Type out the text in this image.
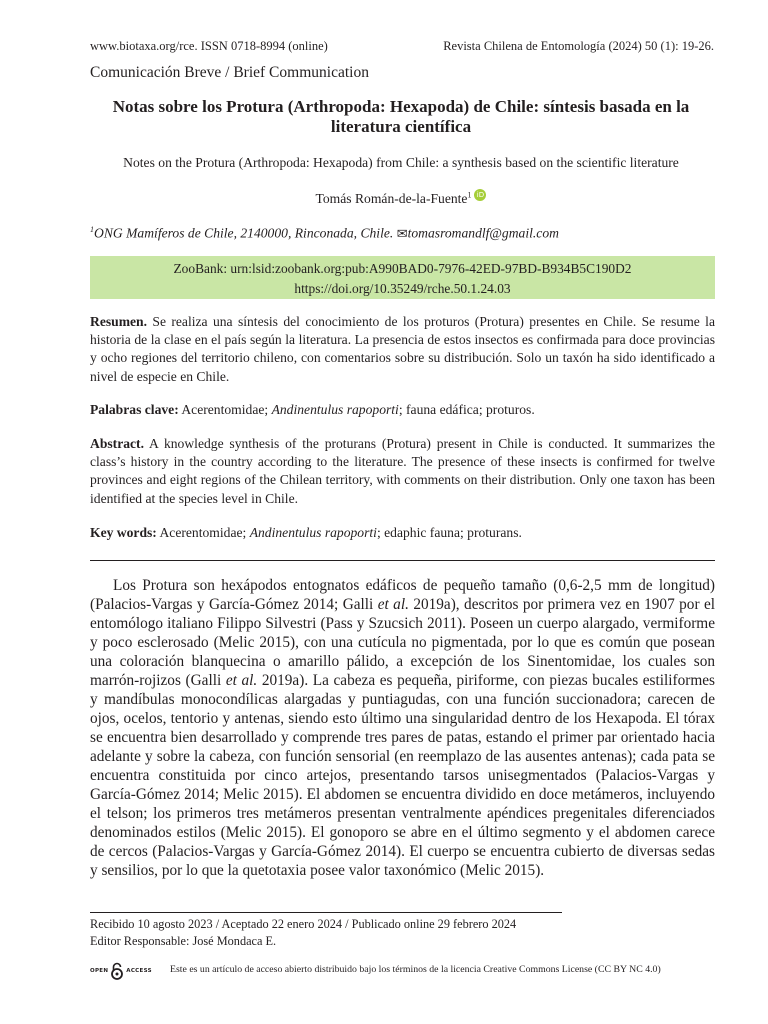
www.biotaxa.org/rce. ISSN 0718-8994 (online)	Revista Chilena de Entomología (2024) 50 (1): 19-26.
Comunicación Breve / Brief Communication
Notas sobre los Protura (Arthropoda: Hexapoda) de Chile: síntesis basada en la literatura científica
Notes on the Protura (Arthropoda: Hexapoda) from Chile: a synthesis based on the scientific literature
Tomás Román-de-la-Fuente$^1$ iD
$^1$ONG Mamíferos de Chile, 2140000, Rinconada, Chile. ✉tomasromandlf@gmail.com
ZooBank: urn:lsid:zoobank.org:pub:A990BAD0-7976-42ED-97BD-B934B5C190D2
https://doi.org/10.35249/rche.50.1.24.03
Resumen. Se realiza una síntesis del conocimiento de los proturos (Protura) presentes en Chile. Se resume la historia de la clase en el país según la literatura. La presencia de estos insectos es confirmada para doce provincias y ocho regiones del territorio chileno, con comentarios sobre su distribución. Solo un taxón ha sido identificado a nivel de especie en Chile.
Palabras clave: Acerentomidae; Andinentulus rapoporti; fauna edáfica; proturos.
Abstract. A knowledge synthesis of the proturans (Protura) present in Chile is conducted. It summarizes the class’s history in the country according to the literature. The presence of these insects is confirmed for twelve provinces and eight regions of the Chilean territory, with comments on their distribution. Only one taxon has been identified at the species level in Chile.
Key words: Acerentomidae; Andinentulus rapoporti; edaphic fauna; proturans.

Los Protura son hexápodos entognatos edáficos de pequeño tamaño (0,6-2,5 mm de longitud) (Palacios-Vargas y García-Gómez 2014; Galli et al. 2019a), descritos por primera vez en 1907 por el entomólogo italiano Filippo Silvestri (Pass y Szucsich 2011). Poseen un cuerpo alargado, vermiforme y poco esclerosado (Melic 2015), con una cutícula no pigmentada, por lo que es común que posean una coloración blanquecina o amarillo pálido, a excepción de los Sinentomidae, los cuales son marrón-rojizos (Galli et al. 2019a). La cabeza es pequeña, piriforme, con piezas bucales estiliformes y mandíbulas monocondílicas alargadas y puntiagudas, con una función succionadora; carecen de ojos, ocelos, tentorio y antenas, siendo esto último una singularidad dentro de los Hexapoda. El tórax se encuentra bien desarrollado y comprende tres pares de patas, estando el primer par orientado hacia adelante y sobre la cabeza, con función sensorial (en reemplazo de las ausentes antenas); cada pata se encuentra constituida por cinco artejos, presentando tarsos unisegmentados (Palacios-Vargas y García-Gómez 2014; Melic 2015). El abdomen se encuentra dividido en doce metámeros, incluyendo el telson; los primeros tres metámeros presentan ventralmente apéndices pregenitales diferenciados denominados estilos (Melic 2015). El gonoporo se abre en el último segmento y el abdomen carece de cercos (Palacios-Vargas y García-Gómez 2014). El cuerpo se encuentra cubierto de diversas sedas y sensilios, por lo que la quetotaxia posee valor taxonómico (Melic 2015).

Recibido 10 agosto 2023 / Aceptado 22 enero 2024 / Publicado online 29 febrero 2024
Editor Responsable: José Mondaca E.
OPEN	ACCESS Este es un artículo de acceso abierto distribuido bajo los términos de la licencia Creative Commons License (CC BY NC 4.0)
